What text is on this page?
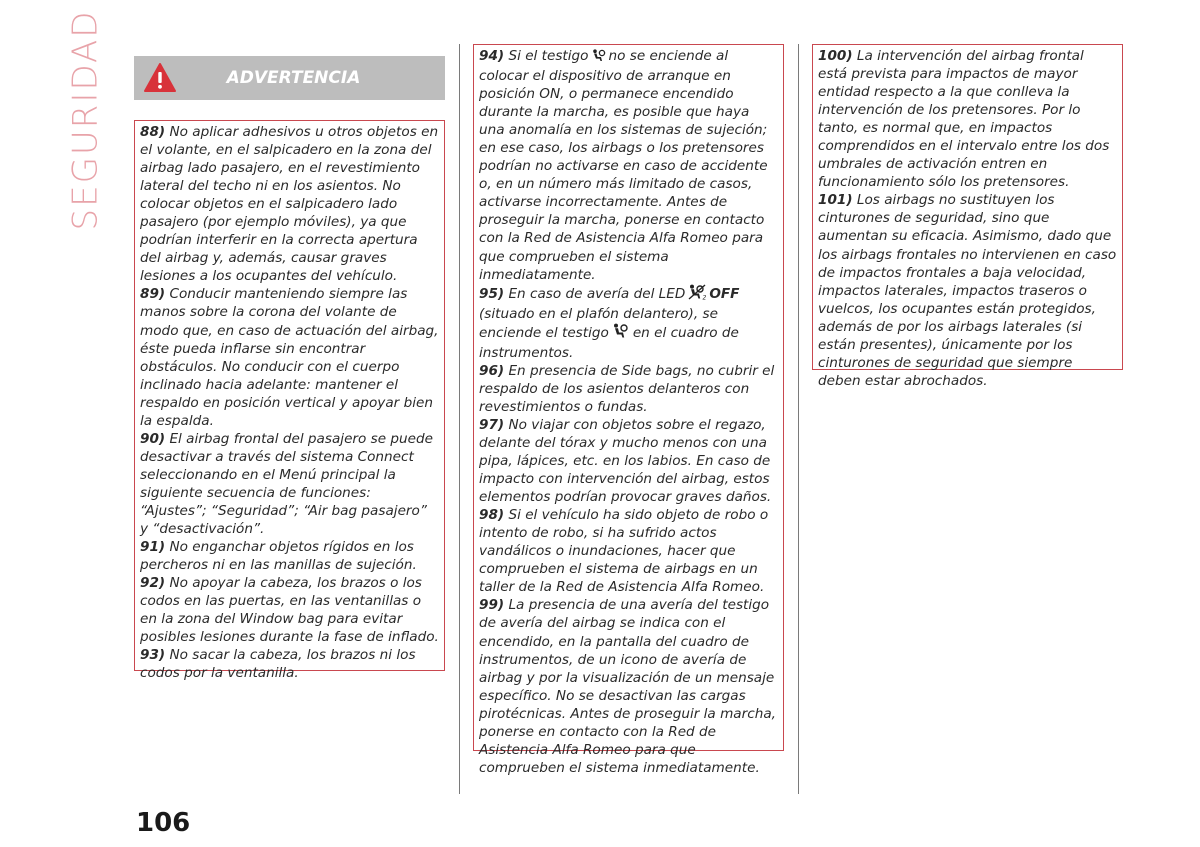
SEGURIDAD	ADVERTENCIA

88) No aplicar adhesivos u otros objetos en el volante, en el salpicadero en la zona del airbag lado pasajero, en el revestimiento lateral del techo ni en los asientos. No colocar objetos en el salpicadero lado pasajero (por ejemplo móviles), ya que podrían interferir en la correcta apertura del airbag y, además, causar graves lesiones a los ocupantes del vehículo.

89) Conducir manteniendo siempre las manos sobre la corona del volante de modo que, en caso de actuación del airbag, éste pueda inflarse sin encontrar obstáculos. No conducir con el cuerpo inclinado hacia adelante: mantener el respaldo en posición vertical y apoyar bien la espalda.

90) El airbag frontal del pasajero se puede desactivar a través del sistema Connect seleccionando en el Menú principal la siguiente secuencia de funciones: “Ajustes”; “Seguridad”; “Air bag pasajero” y “desactivación”.

91) No enganchar objetos rígidos en los percheros ni en las manillas de sujeción.

92) No apoyar la cabeza, los brazos o los codos en las puertas, en las ventanillas o en la zona del Window bag para evitar posibles lesiones durante la fase de inflado.

93) No sacar la cabeza, los brazos ni los codos por la ventanilla.

94) Si el testigo no se enciende al colocar el dispositivo de arranque en posición ON, o permanece encendido durante la marcha, es posible que haya una anomalía en los sistemas de sujeción; en ese caso, los airbags o los pretensores podrían no activarse en caso de accidente o, en un número más limitado de casos, activarse incorrectamente. Antes de proseguir la marcha, ponerse en contacto con la Red de Asistencia Alfa Romeo para que comprueben el sistema inmediatamente.

95) En caso de avería del LED	2 OFF (situado en el plafón delantero), se enciende el testigo en el cuadro de instrumentos.

96) En presencia de Side bags, no cubrir el respaldo de los asientos delanteros con revestimientos o fundas.

97) No viajar con objetos sobre el regazo, delante del tórax y mucho menos con una pipa, lápices, etc. en los labios. En caso de impacto con intervención del airbag, estos elementos podrían provocar graves daños.

98) Si el vehículo ha sido objeto de robo o intento de robo, si ha sufrido actos vandálicos o inundaciones, hacer que comprueben el sistema de airbags en un taller de la Red de Asistencia Alfa Romeo.

99) La presencia de una avería del testigo de avería del airbag se indica con el encendido, en la pantalla del cuadro de instrumentos, de un icono de avería de airbag y por la visualización de un mensaje específico. No se desactivan las cargas pirotécnicas. Antes de proseguir la marcha, ponerse en contacto con la Red de Asistencia Alfa Romeo para que comprueben el sistema inmediatamente.

100) La intervención del airbag frontal está prevista para impactos de mayor entidad respecto a la que conlleva la intervención de los pretensores. Por lo tanto, es normal que, en impactos comprendidos en el intervalo entre los dos umbrales de activación entren en funcionamiento sólo los pretensores.

101) Los airbags no sustituyen los cinturones de seguridad, sino que aumentan su eficacia. Asimismo, dado que los airbags frontales no intervienen en caso de impactos frontales a baja velocidad, impactos laterales, impactos traseros o vuelcos, los ocupantes están protegidos, además de por los airbags laterales (si están presentes), únicamente por los cinturones de seguridad que siempre deben estar abrochados.

106
